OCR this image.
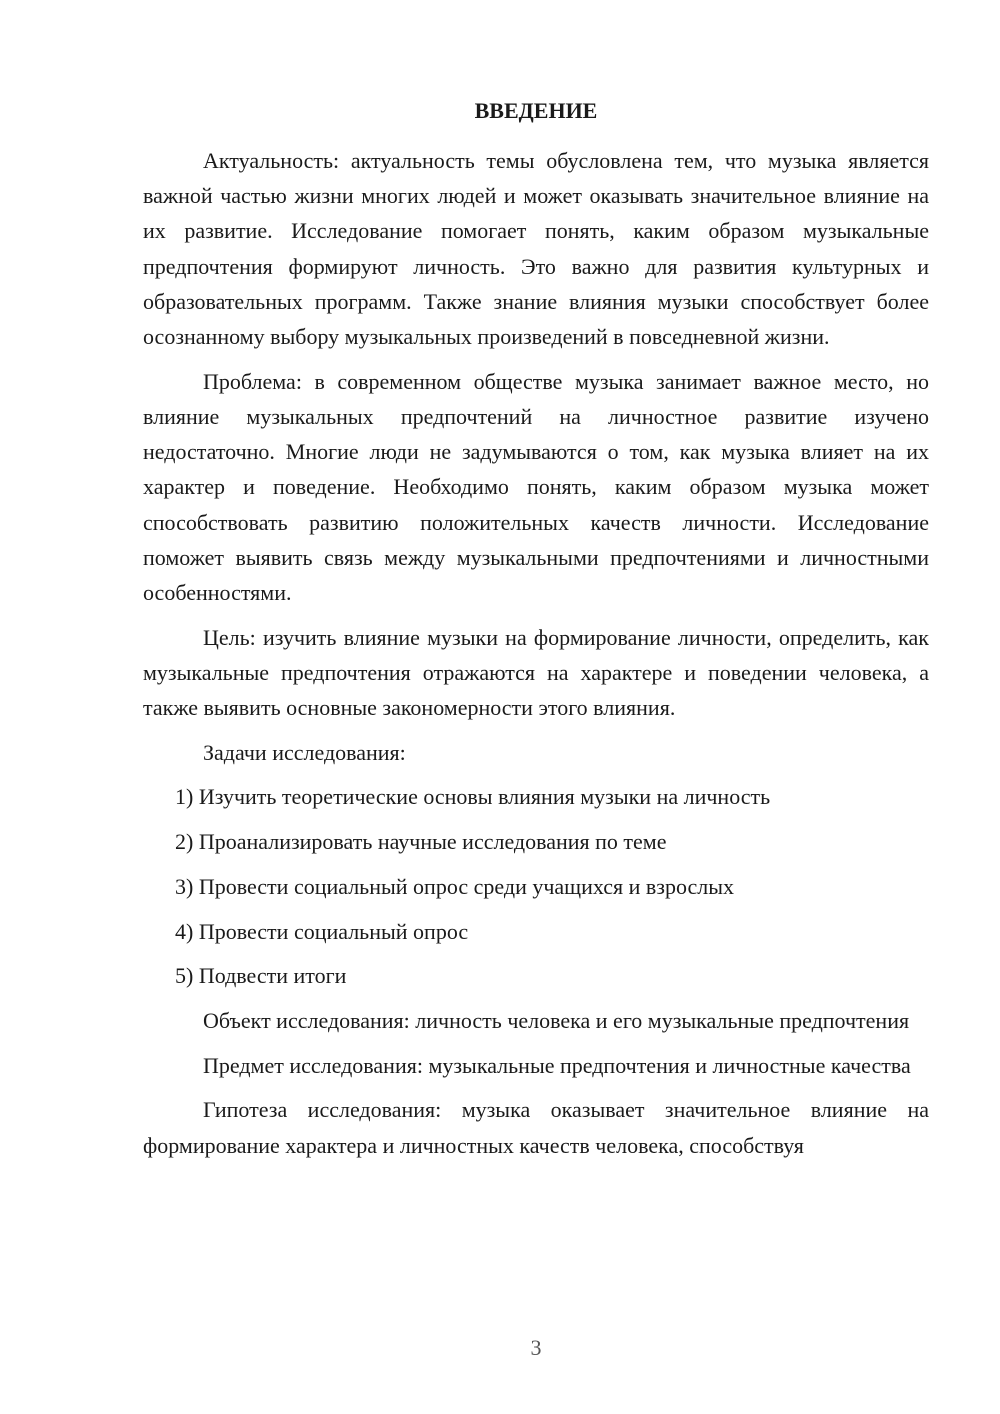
ВВЕДЕНИЕ

Актуальность: актуальность темы обусловлена тем, что музыка является важной частью жизни многих людей и может оказывать значительное влияние на их развитие. Исследование помогает понять, каким образом музыкальные предпочтения формируют личность. Это важно для развития культурных и образовательных программ. Также знание влияния музыки способствует более осознанному выбору музыкальных произведений в повседневной жизни.

Проблема: в современном обществе музыка занимает важное место, но влияние музыкальных предпочтений на личностное развитие изучено недостаточно. Многие люди не задумываются о том, как музыка влияет на их характер и поведение. Необходимо понять, каким образом музыка может способствовать развитию положительных качеств личности. Исследование поможет выявить связь между музыкальными предпочтениями и личностными особенностями.

Цель: изучить влияние музыки на формирование личности, определить, как музыкальные предпочтения отражаются на характере и поведении человека, а также выявить основные закономерности этого влияния.

Задачи исследования:

1) Изучить теоретические основы влияния музыки на личность

2) Проанализировать научные исследования по теме

3) Провести социальный опрос среди учащихся и взрослых

4) Провести социальный опрос

5) Подвести итоги

Объект исследования: личность человека и его музыкальные предпочтения

Предмет исследования: музыкальные предпочтения и личностные качества

Гипотеза исследования: музыка оказывает значительное влияние на формирование характера и личностных качеств человека, способствуя

3
